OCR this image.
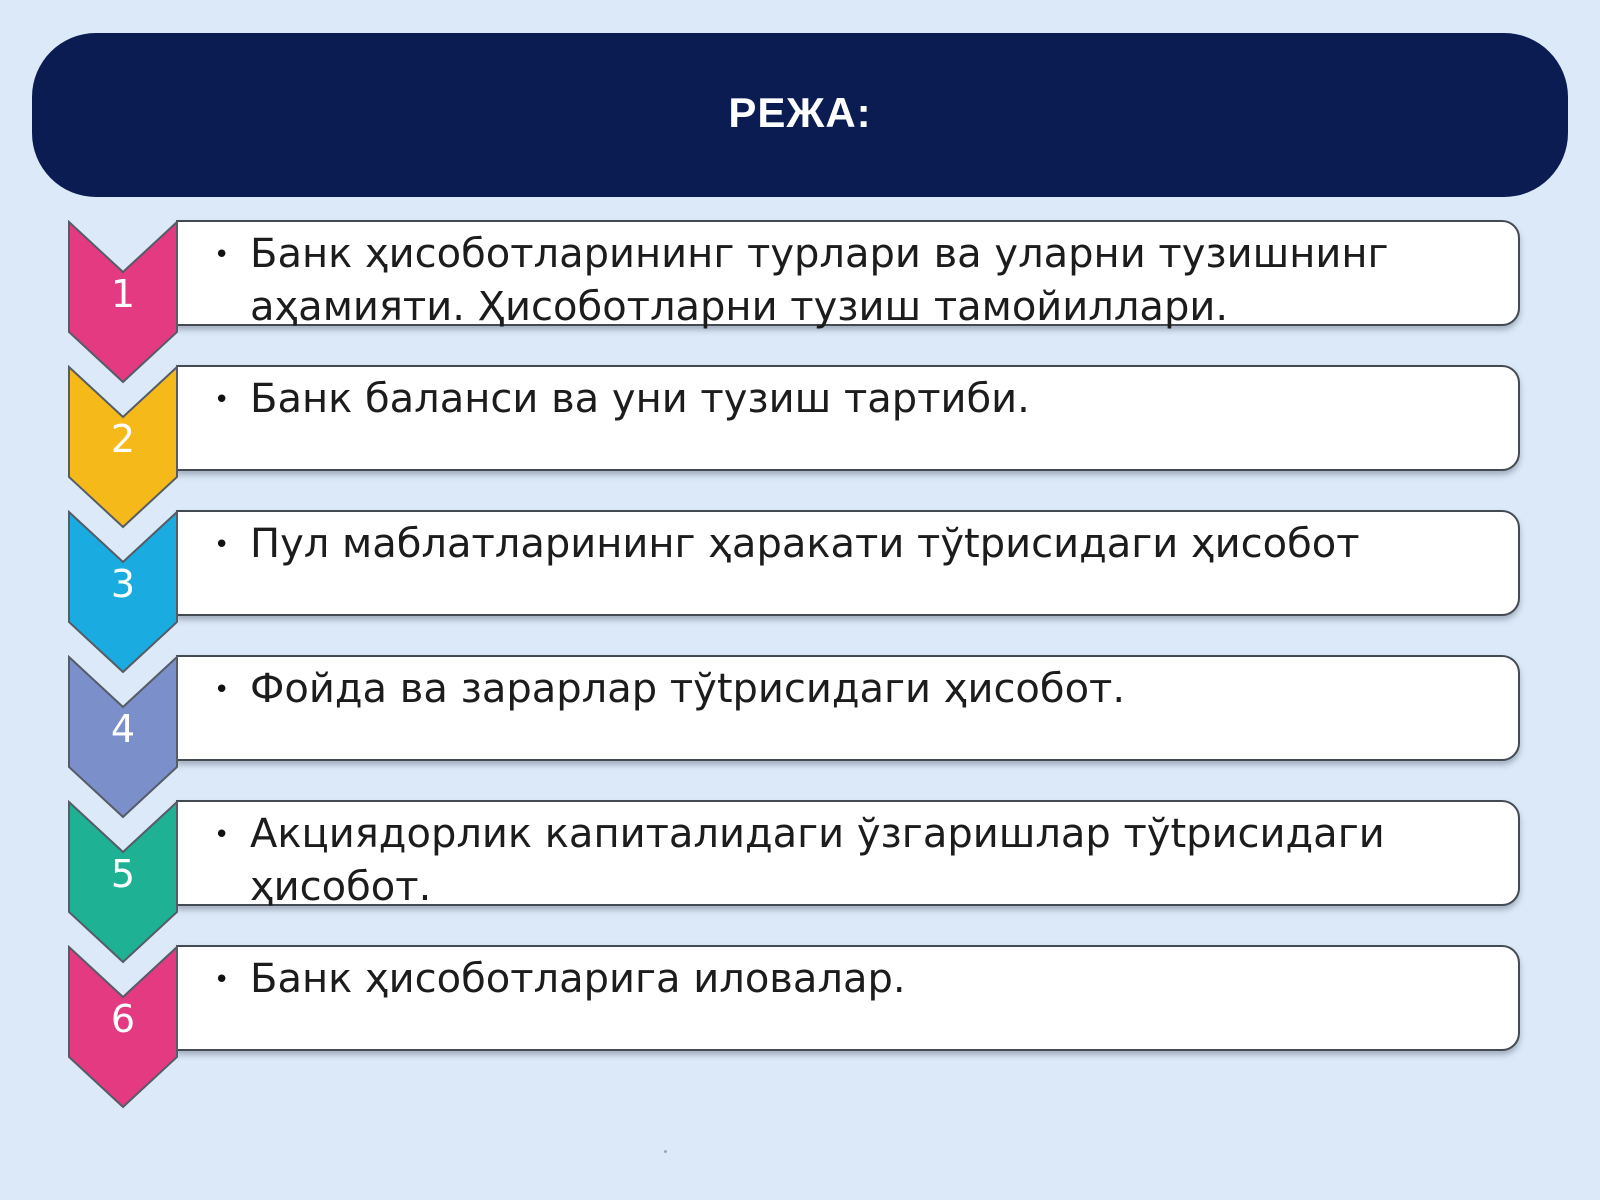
РЕЖА:
• Банк ҳисоботларининг турлари ва уларни тузишнинг аҳамияти. Ҳисоботларни тузиш тамойиллари.
1
• Банк баланси ва уни тузиш тартиби.
2
• Пул маблатларининг ҳаракати тўtрисидаги ҳисобот
3
• Фойда ва зарарлар тўtрисидаги ҳисобот.
4
• Акциядорлик капиталидаги ўзгаришлар тўtрисидаги ҳисобот.
5
• Банк ҳисоботларига иловалар.
6
